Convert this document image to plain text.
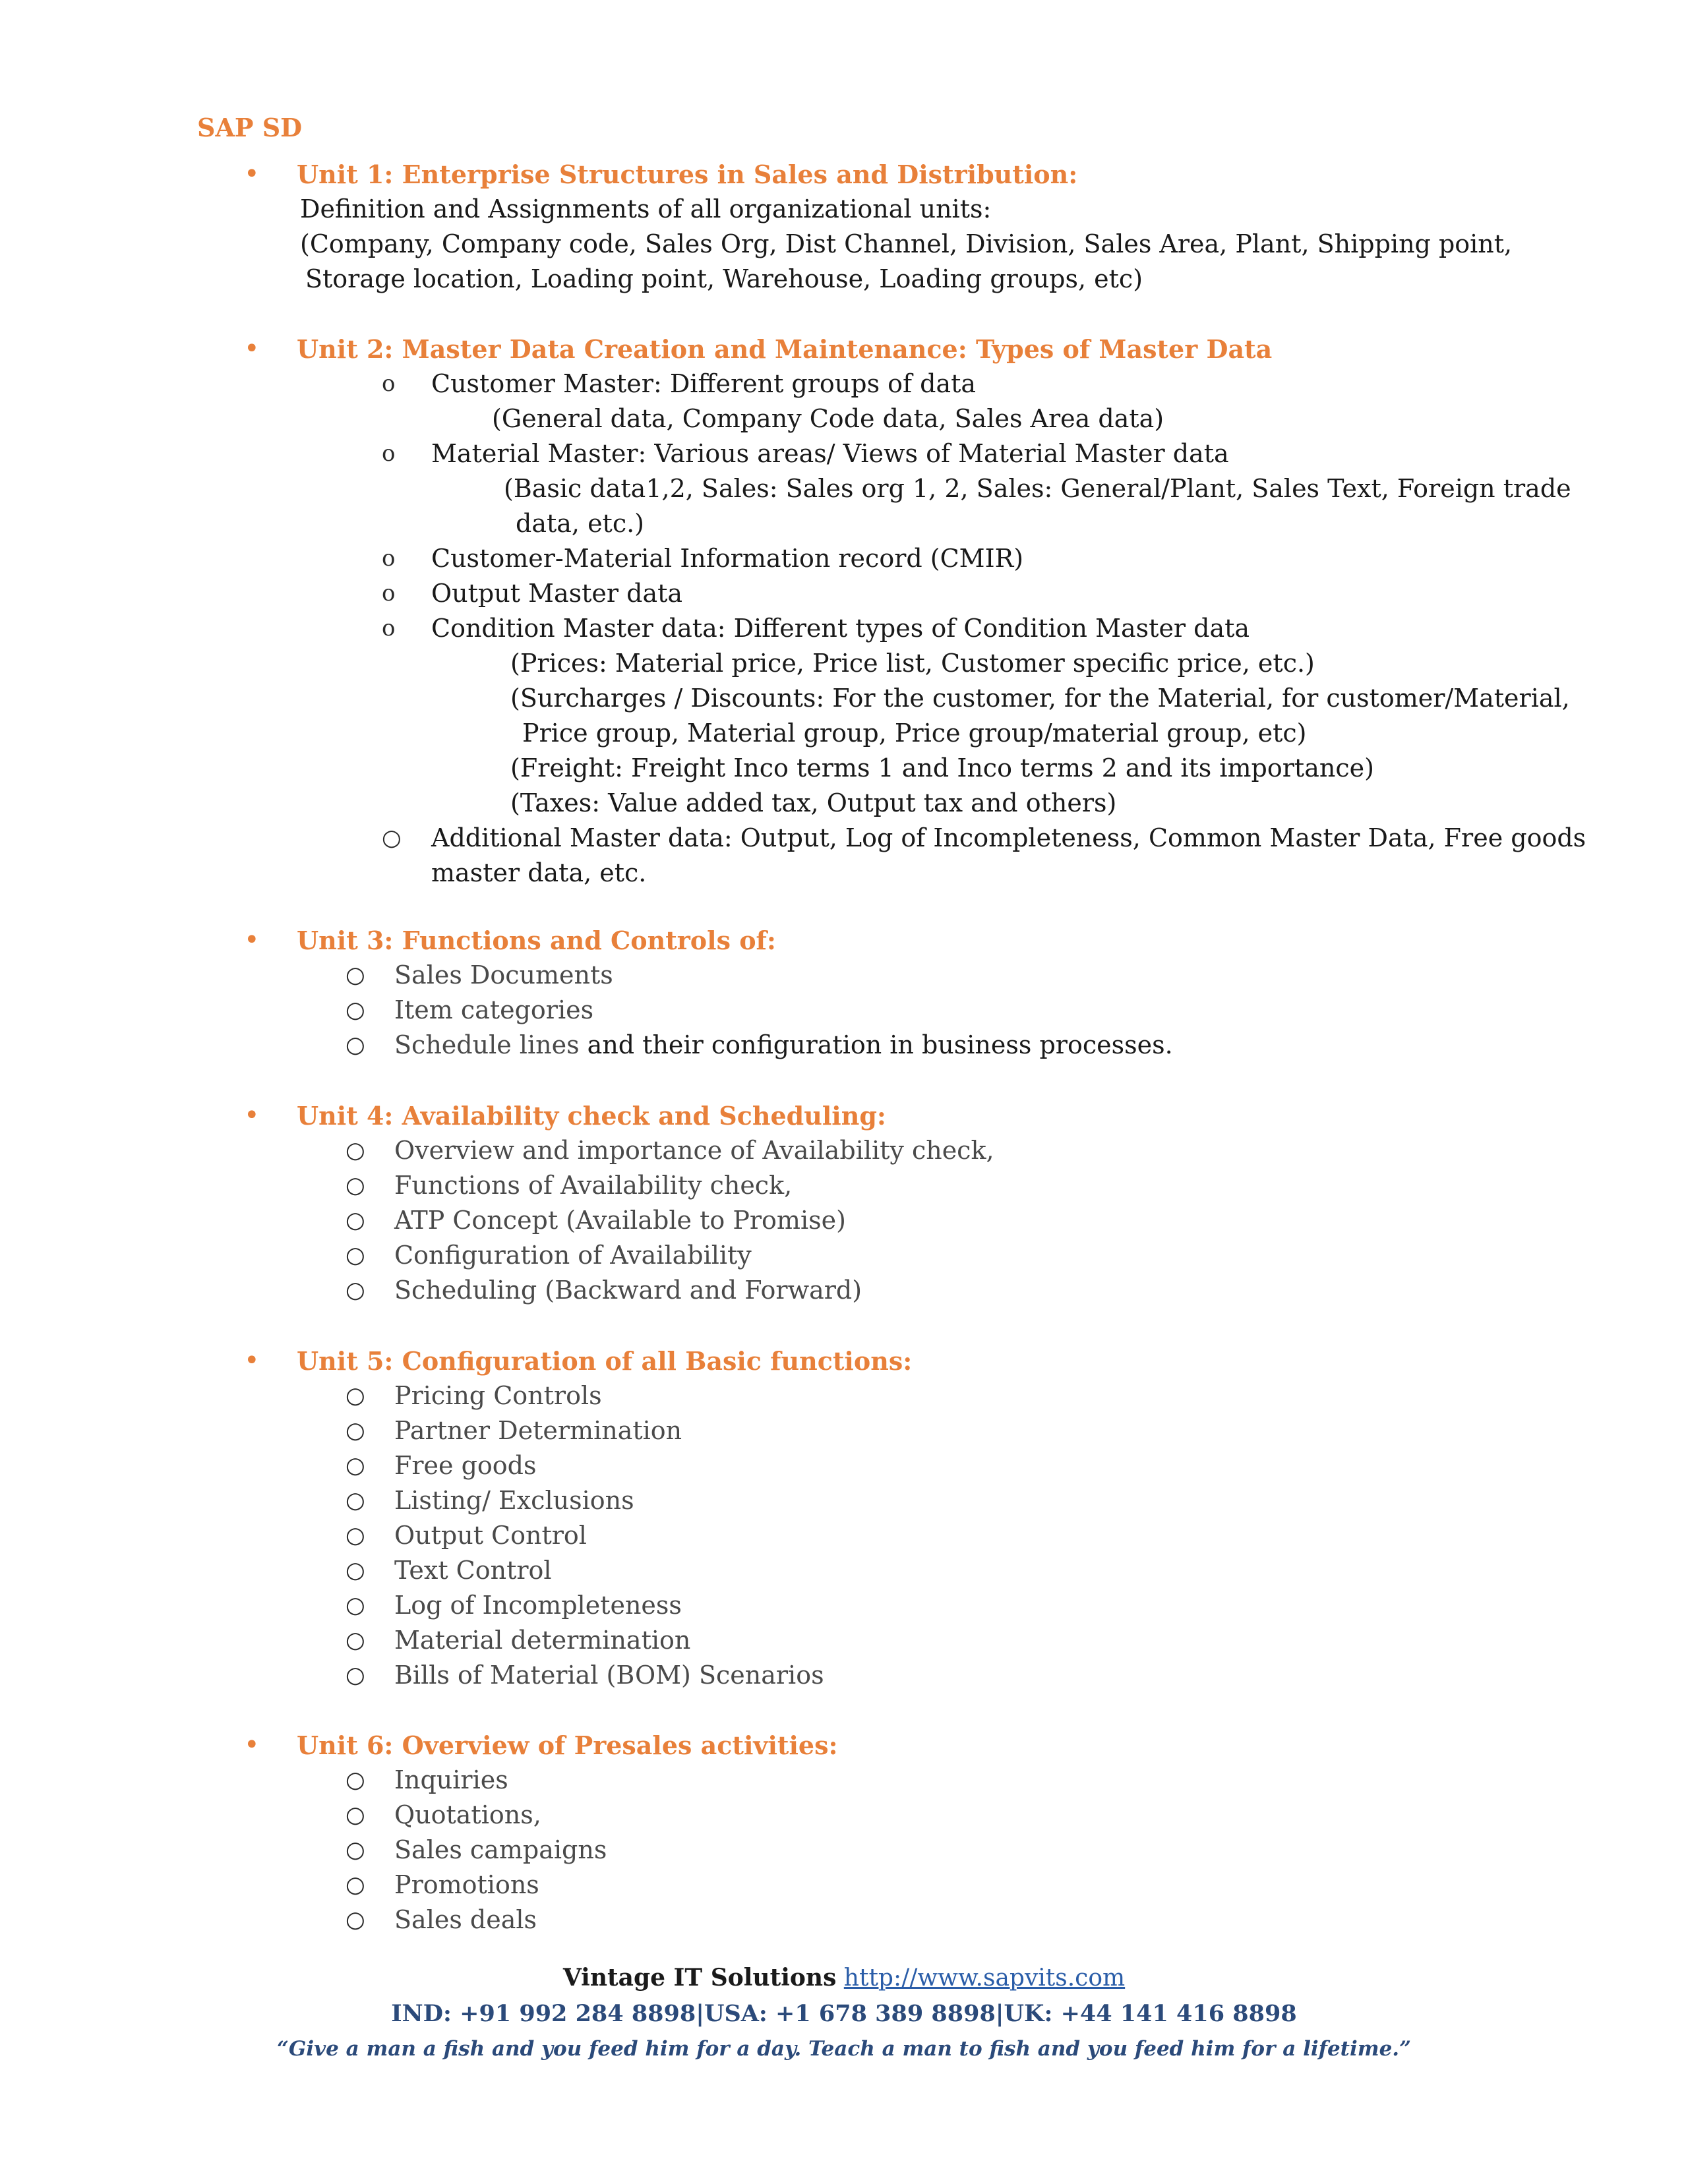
SAP SD
• Unit 1: Enterprise Structures in Sales and Distribution:
Definition and Assignments of all organizational units:
(Company, Company code, Sales Org, Dist Channel, Division, Sales Area, Plant, Shipping point,
Storage location, Loading point, Warehouse, Loading groups, etc)
• Unit 2: Master Data Creation and Maintenance: Types of Master Data
o Customer Master: Different groups of data
(General data, Company Code data, Sales Area data)
o Material Master: Various areas/ Views of Material Master data
(Basic data1,2, Sales: Sales org 1, 2, Sales: General/Plant, Sales Text, Foreign trade
data, etc.)
o Customer-Material Information record (CMIR)
o Output Master data
o Condition Master data: Different types of Condition Master data
(Prices: Material price, Price list, Customer specific price, etc.)
(Surcharges / Discounts: For the customer, for the Material, for customer/Material,
Price group, Material group, Price group/material group, etc)
(Freight: Freight Inco terms 1 and Inco terms 2 and its importance)
(Taxes: Value added tax, Output tax and others)
○ Additional Master data: Output, Log of Incompleteness, Common Master Data, Free goods
master data, etc.
• Unit 3: Functions and Controls of:
○ Sales Documents
○ Item categories
○ Schedule lines and their configuration in business processes.
• Unit 4: Availability check and Scheduling:
○ Overview and importance of Availability check,
○ Functions of Availability check,
○ ATP Concept (Available to Promise)
○ Configuration of Availability
○ Scheduling (Backward and Forward)
• Unit 5: Configuration of all Basic functions:
○ Pricing Controls
○ Partner Determination
○ Free goods
○ Listing/ Exclusions
○ Output Control
○ Text Control
○ Log of Incompleteness
○ Material determination
○ Bills of Material (BOM) Scenarios
• Unit 6: Overview of Presales activities:
○ Inquiries
○ Quotations,
○ Sales campaigns
○ Promotions
○ Sales deals
Vintage IT Solutions http://www.sapvits.com
IND: +91 992 284 8898|USA: +1 678 389 8898|UK: +44 141 416 8898
“Give a man a fish and you feed him for a day. Teach a man to fish and you feed him for a lifetime.”
